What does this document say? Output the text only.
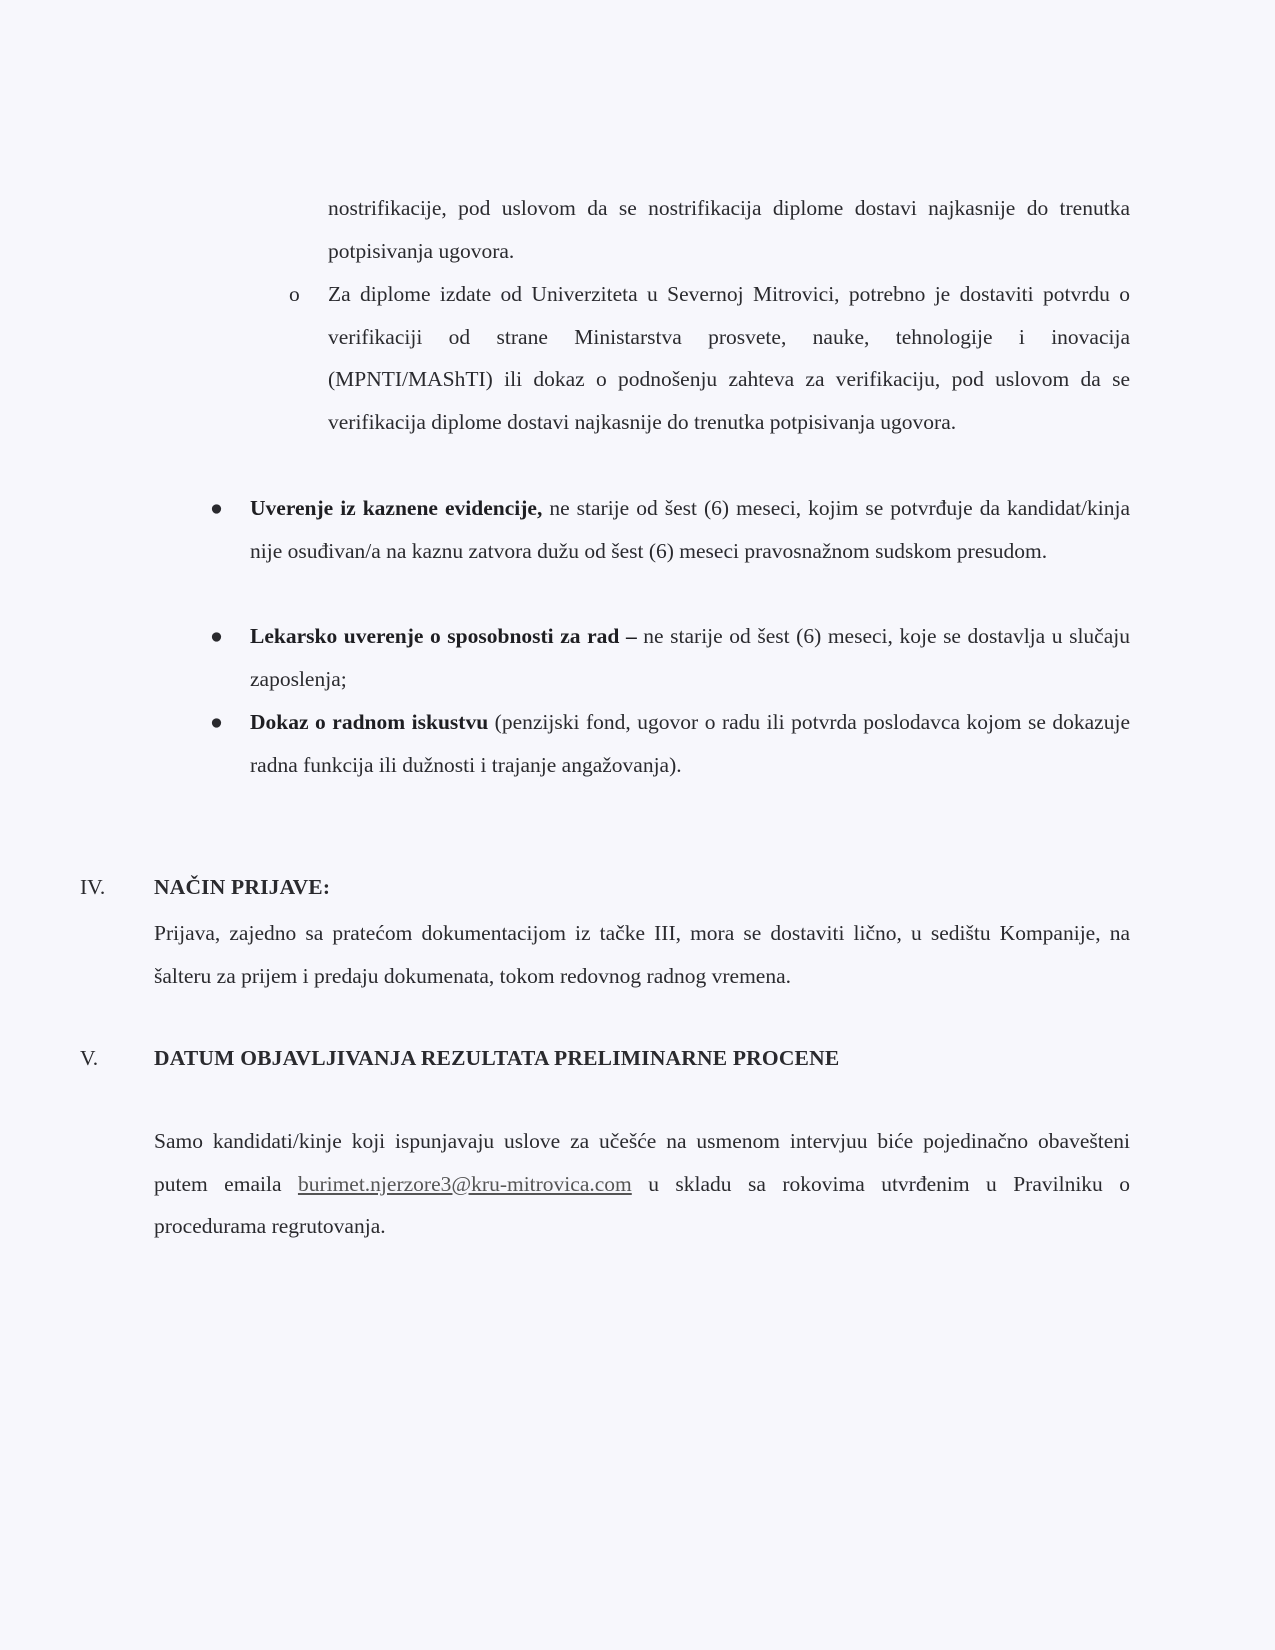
nostrifikacije, pod uslovom da se nostrifikacija diplome dostavi najkasnije do trenutka potpisivanja ugovora.

o Za diplome izdate od Univerziteta u Severnoj Mitrovici, potrebno je dostaviti potvrdu o verifikaciji od strane Ministarstva prosvete, nauke, tehnologije i inovacija (MPNTI/MAShTI) ili dokaz o podnošenju zahteva za verifikaciju, pod uslovom da se verifikacija diplome dostavi najkasnije do trenutka potpisivanja ugovora.

● Uverenje iz kaznene evidencije, ne starije od šest (6) meseci, kojim se potvrđuje da kandidat/kinja nije osuđivan/a na kaznu zatvora dužu od šest (6) meseci pravosnažnom sudskom presudom.

● Lekarsko uverenje o sposobnosti za rad – ne starije od šest (6) meseci, koje se dostavlja u slučaju zaposlenja;

● Dokaz o radnom iskustvu (penzijski fond, ugovor o radu ili potvrda poslodavca kojom se dokazuje radna funkcija ili dužnosti i trajanje angažovanja).

IV. NAČIN PRIJAVE:

Prijava, zajedno sa pratećom dokumentacijom iz tačke III, mora se dostaviti lično, u sedištu Kompanije, na šalteru za prijem i predaju dokumenata, tokom redovnog radnog vremena.

V.	DATUM OBJAVLJIVANJA REZULTATA PRELIMINARNE PROCENE

Samo kandidati/kinje koji ispunjavaju uslove za učešće na usmenom intervjuu biće pojedinačno obavešteni putem emaila burimet.njerzore3@kru-mitrovica.com u skladu sa rokovima utvrđenim u Pravilniku o procedurama regrutovanja.
